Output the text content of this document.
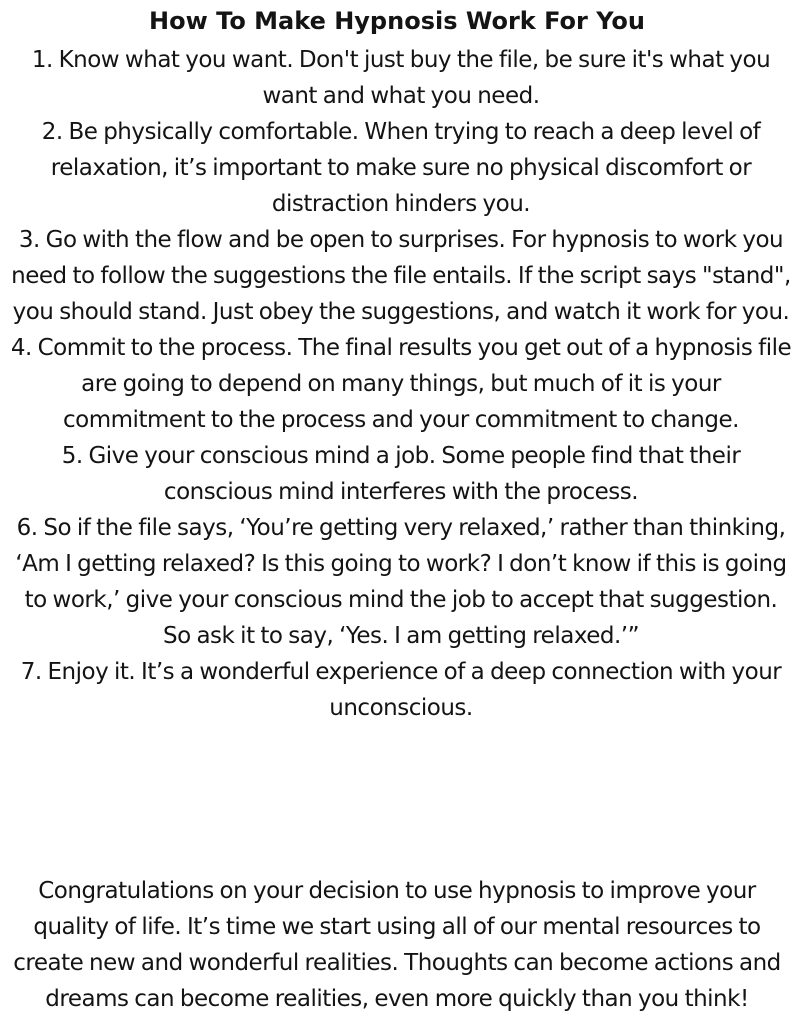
How To Make Hypnosis Work For You
1. Know what you want. Don't just buy the file, be sure it's what you want and what you need.
2. Be physically comfortable. When trying to reach a deep level of relaxation, it’s important to make sure no physical discomfort or distraction hinders you.
3. Go with the flow and be open to surprises. For hypnosis to work you need to follow the suggestions the file entails. If the script says "stand", you should stand. Just obey the suggestions, and watch it work for you.
4. Commit to the process. The final results you get out of a hypnosis file are going to depend on many things, but much of it is your commitment to the process and your commitment to change.
5. Give your conscious mind a job. Some people find that their conscious mind interferes with the process.
6. So if the file says, ‘You’re getting very relaxed,’ rather than thinking, ‘Am I getting relaxed? Is this going to work? I don’t know if this is going to work,’ give your conscious mind the job to accept that suggestion. So ask it to say, ‘Yes. I am getting relaxed.’”
7. Enjoy it. It’s a wonderful experience of a deep connection with your unconscious.

Congratulations on your decision to use hypnosis to improve your quality of life. It’s time we start using all of our mental resources to create new and wonderful realities. Thoughts can become actions and dreams can become realities, even more quickly than you think!
